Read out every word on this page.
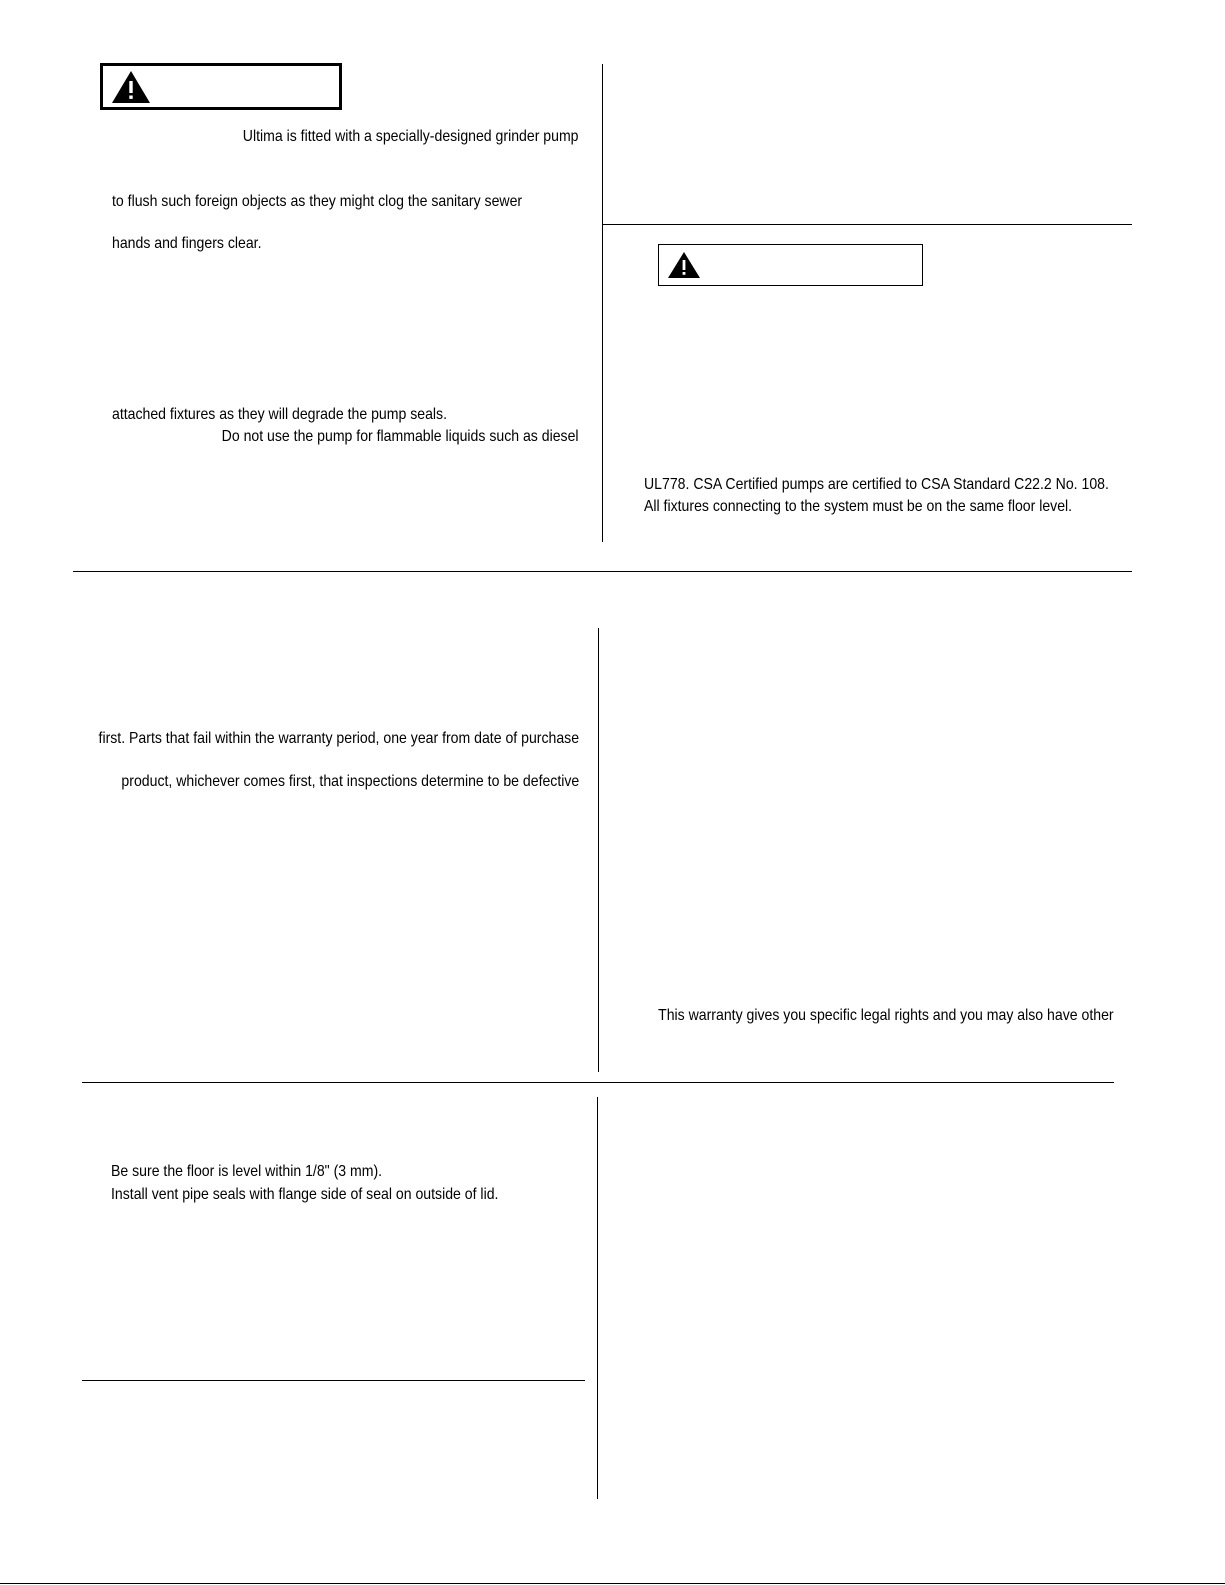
Ultima is fitted with a specially-designed grinder pump
to flush such foreign objects as they might clog the sanitary sewer
hands and fingers clear.
attached fixtures as they will degrade the pump seals.
Do not use the pump for flammable liquids such as diesel
UL778. CSA Certified pumps are certified to CSA Standard C22.2 No. 108.
All fixtures connecting to the system must be on the same floor level.
first. Parts that fail within the warranty period, one year from date of purchase
product, whichever comes first, that inspections determine to be defective
This warranty gives you specific legal rights and you may also have other
Be sure the floor is level within 1/8" (3 mm).
Install vent pipe seals with flange side of seal on outside of lid.
